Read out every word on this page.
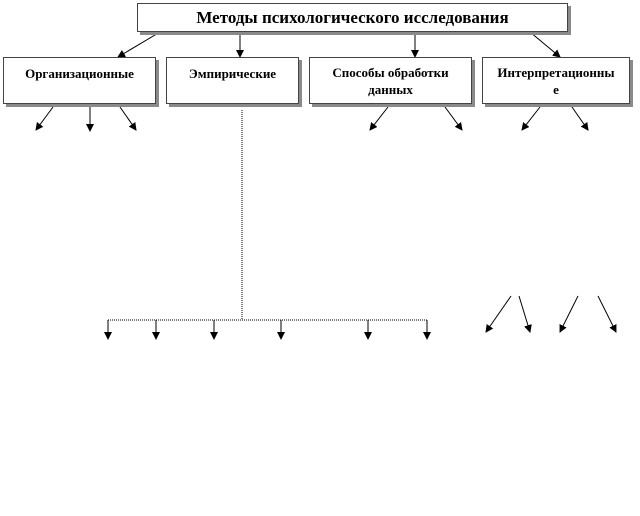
Методы психологического исследования
Организационные	Эмпирические	Способы обработки данных
Интерпретационные
